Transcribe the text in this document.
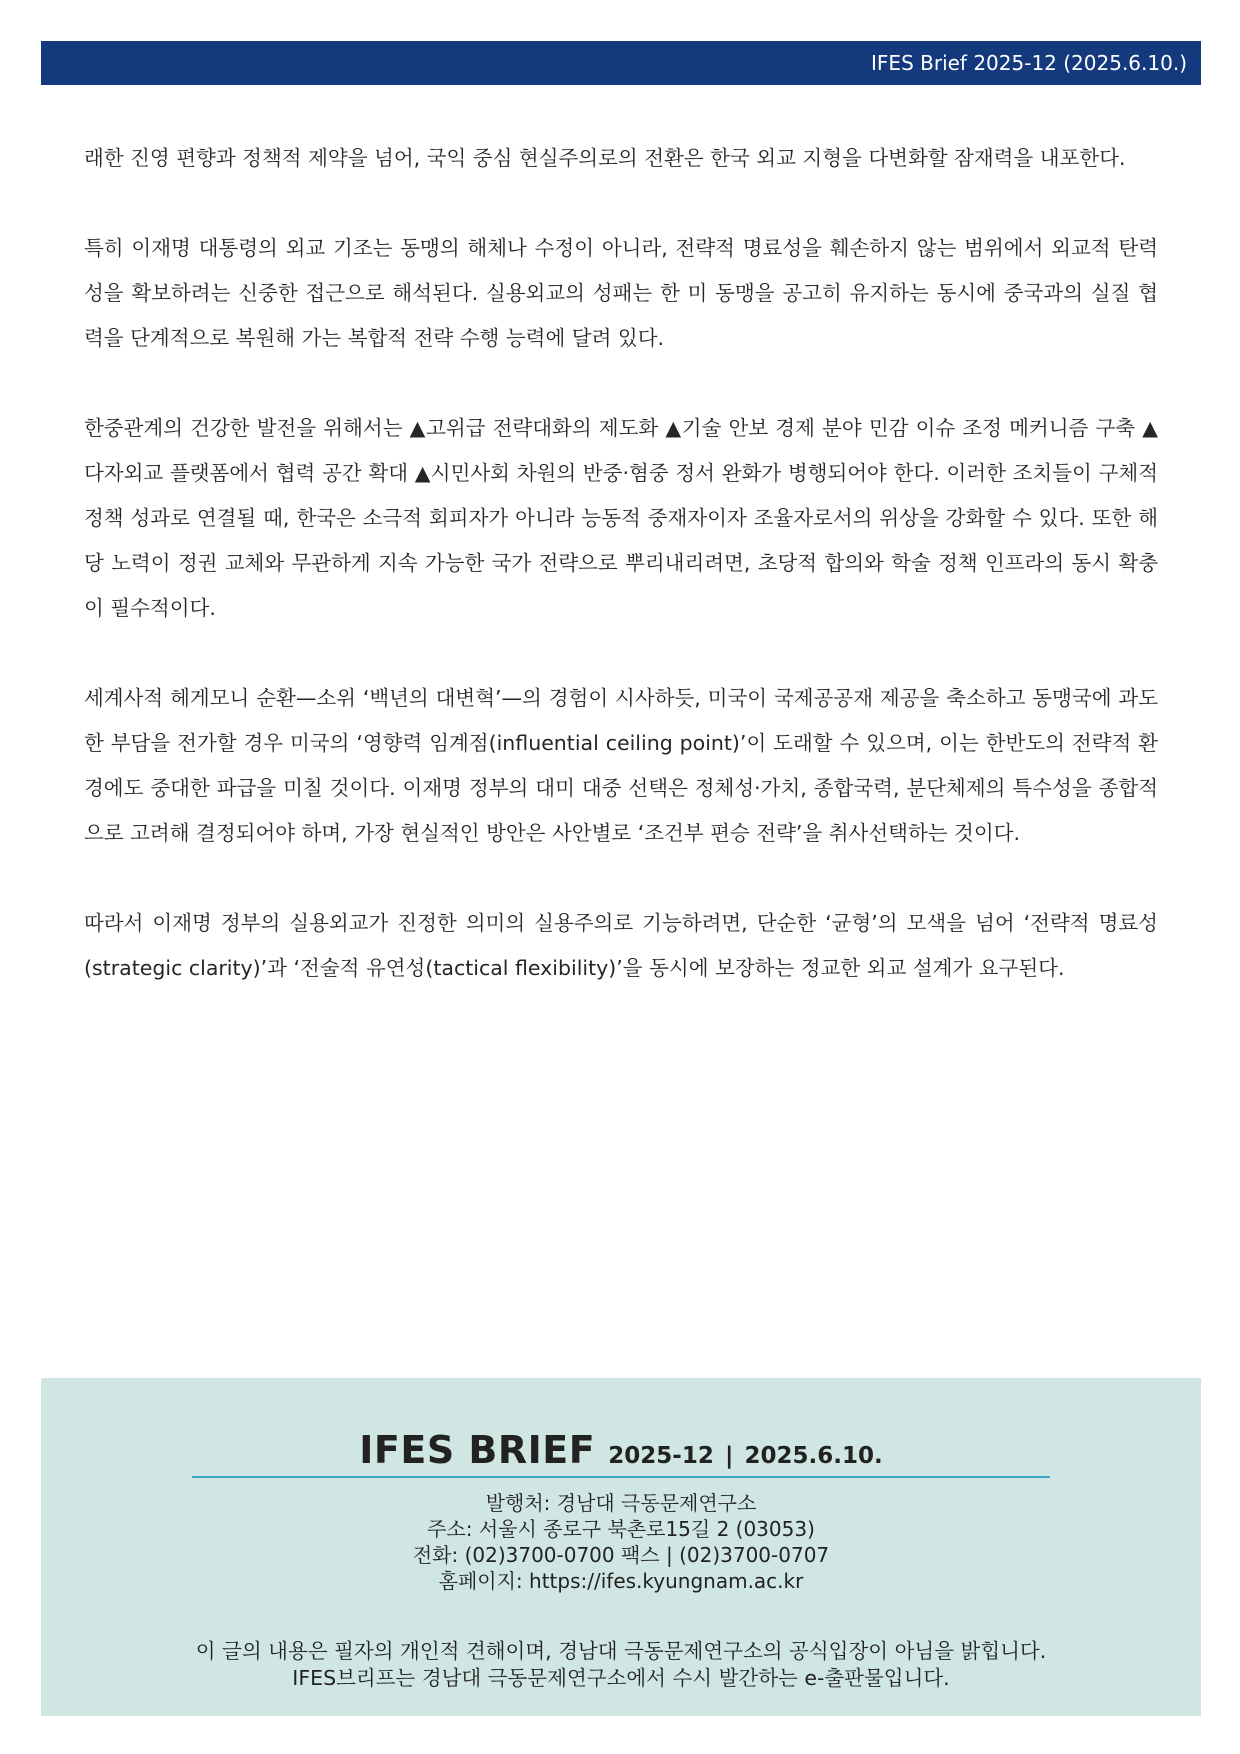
IFES Brief 2025-12 (2025.6.10.)

래한 진영 편향과 정책적 제약을 넘어, 국익 중심 현실주의로의 전환은 한국 외교 지형을 다변화할 잠재력을 내포한다.

특히 이재명 대통령의 외교 기조는 동맹의 해체나 수정이 아니라, 전략적 명료성을 훼손하지 않는 범위에서 외교적 탄력성을 확보하려는 신중한 접근으로 해석된다. 실용외교의 성패는 한 미 동맹을 공고히 유지하는 동시에 중국과의 실질 협력을 단계적으로 복원해 가는 복합적 전략 수행 능력에 달려 있다.

한중관계의 건강한 발전을 위해서는 ▲고위급 전략대화의 제도화 ▲기술 안보 경제 분야 민감 이슈 조정 메커니즘 구축 ▲다자외교 플랫폼에서 협력 공간 확대 ▲시민사회 차원의 반중·혐중 정서 완화가 병행되어야 한다. 이러한 조치들이 구체적 정책 성과로 연결될 때, 한국은 소극적 회피자가 아니라 능동적 중재자이자 조율자로서의 위상을 강화할 수 있다. 또한 해당 노력이 정권 교체와 무관하게 지속 가능한 국가 전략으로 뿌리내리려면, 초당적 합의와 학술 정책 인프라의 동시 확충이 필수적이다.

세계사적 헤게모니 순환—소위 ‘백년의 대변혁’—의 경험이 시사하듯, 미국이 국제공공재 제공을 축소하고 동맹국에 과도한 부담을 전가할 경우 미국의 ‘영향력 임계점(influential ceiling point)’이 도래할 수 있으며, 이는 한반도의 전략적 환경에도 중대한 파급을 미칠 것이다. 이재명 정부의 대미 대중 선택은 정체성·가치, 종합국력, 분단체제의 특수성을 종합적으로 고려해 결정되어야 하며, 가장 현실적인 방안은 사안별로 ‘조건부 편승 전략’을 취사선택하는 것이다.

따라서 이재명 정부의 실용외교가 진정한 의미의 실용주의로 기능하려면, 단순한 ‘균형’의 모색을 넘어 ‘전략적 명료성(strategic clarity)’과 ‘전술적 유연성(tactical flexibility)’을 동시에 보장하는 정교한 외교 설계가 요구된다.

IFES BRIEF 2025-12 | 2025.6.10.
발행처: 경남대 극동문제연구소
주소: 서울시 종로구 북촌로15길 2 (03053)
전화: (02)3700-0700 팩스 | (02)3700-0707
홈페이지: https://ifes.kyungnam.ac.kr
이 글의 내용은 필자의 개인적 견해이며, 경남대 극동문제연구소의 공식입장이 아님을 밝힙니다.
IFES브리프는 경남대 극동문제연구소에서 수시 발간하는 e-출판물입니다.
